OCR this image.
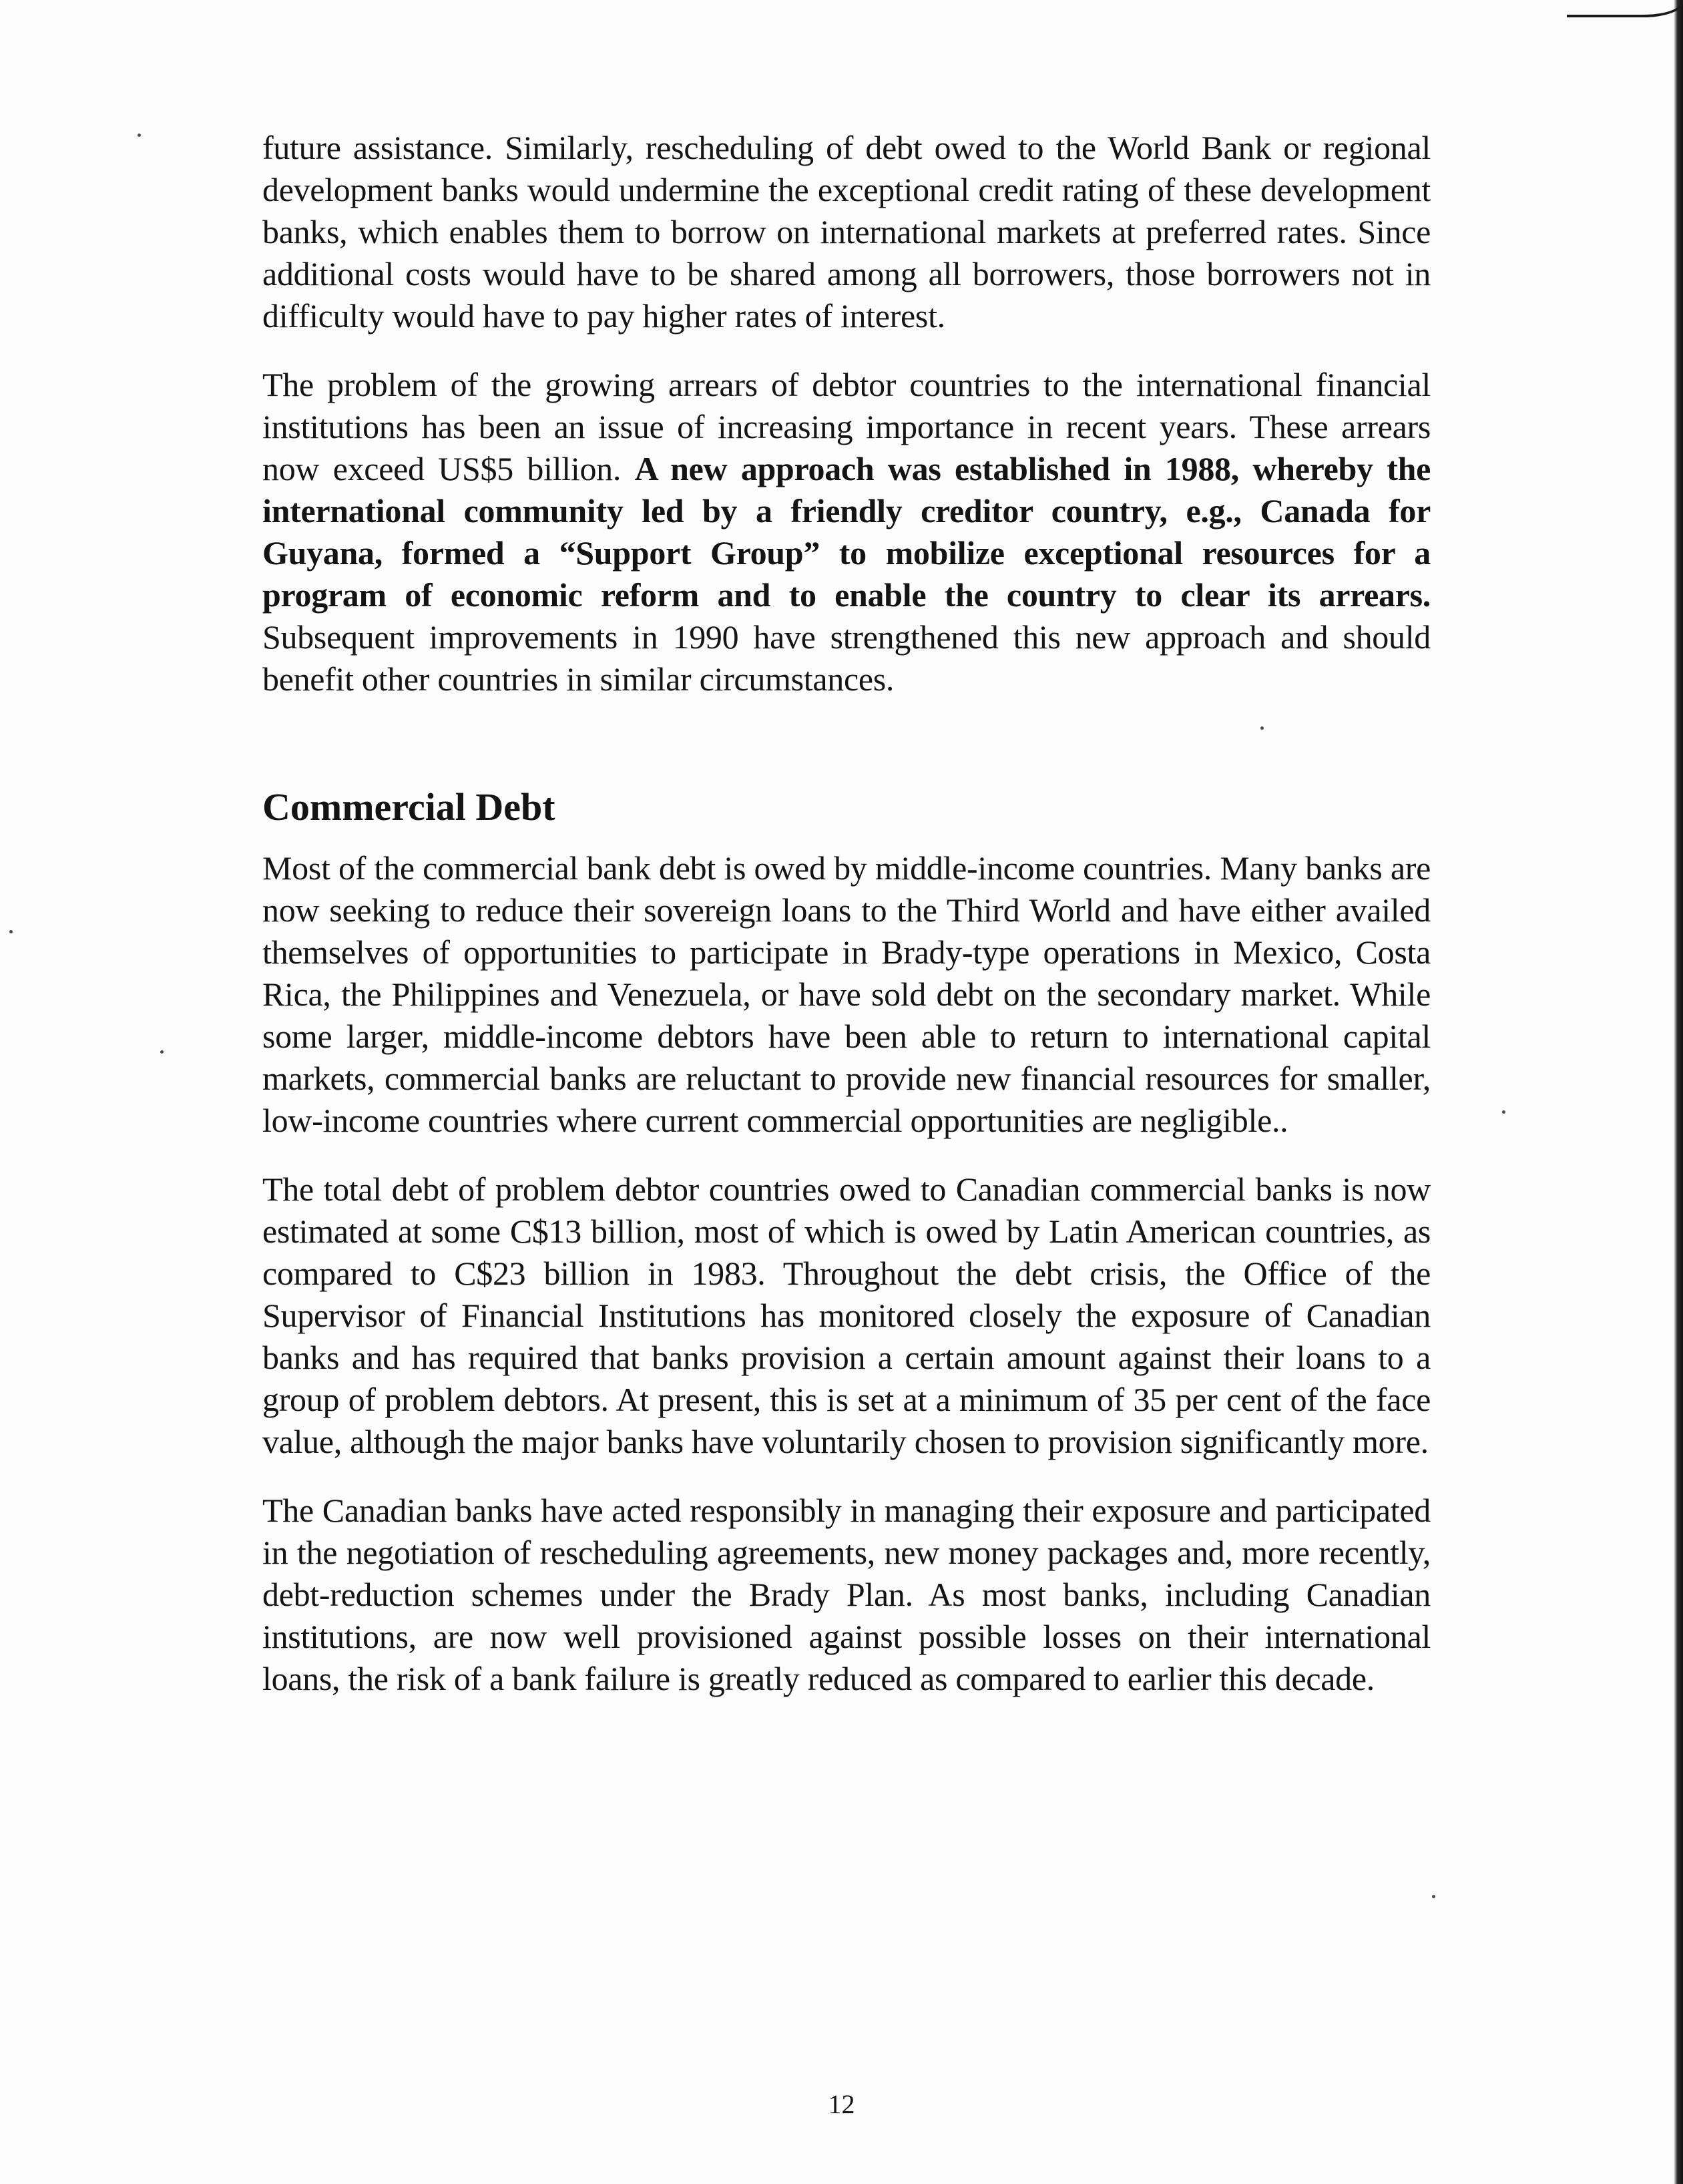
future assistance. Similarly, rescheduling of debt owed to the World Bank or regional development banks would undermine the exceptional credit rating of these development banks, which enables them to borrow on international markets at preferred rates. Since additional costs would have to be shared among all borrowers, those borrowers not in difficulty would have to pay higher rates of interest.

The problem of the growing arrears of debtor countries to the international financial institutions has been an issue of increasing importance in recent years. These arrears now exceed US$5 billion. A new approach was established in 1988, whereby the international community led by a friendly creditor country, e.g., Canada for Guyana, formed a “Support Group” to mobilize exceptional resources for a program of economic reform and to enable the country to clear its arrears. Subsequent improvements in 1990 have strengthened this new approach and should benefit other countries in similar circumstances.

Commercial Debt

Most of the commercial bank debt is owed by middle-income countries. Many banks are now seeking to reduce their sovereign loans to the Third World and have either availed themselves of opportunities to participate in Brady-type operations in Mexico, Costa Rica, the Philippines and Venezuela, or have sold debt on the secondary market. While some larger, middle-income debtors have been able to return to international capital markets, commercial banks are reluctant to provide new financial resources for smaller, low-income countries where current commercial opportunities are negligible..

The total debt of problem debtor countries owed to Canadian commercial banks is now estimated at some C$13 billion, most of which is owed by Latin American countries, as compared to C$23 billion in 1983. Throughout the debt crisis, the Office of the Supervisor of Financial Institutions has monitored closely the exposure of Canadian banks and has required that banks provision a certain amount against their loans to a group of problem debtors. At present, this is set at a minimum of 35 per cent of the face value, although the major banks have voluntarily chosen to provision significantly more.

The Canadian banks have acted responsibly in managing their exposure and participated in the negotiation of rescheduling agreements, new money packages and, more recently, debt-reduction schemes under the Brady Plan. As most banks, including Canadian institutions, are now well provisioned against possible losses on their international loans, the risk of a bank failure is greatly reduced as compared to earlier this decade.

12
